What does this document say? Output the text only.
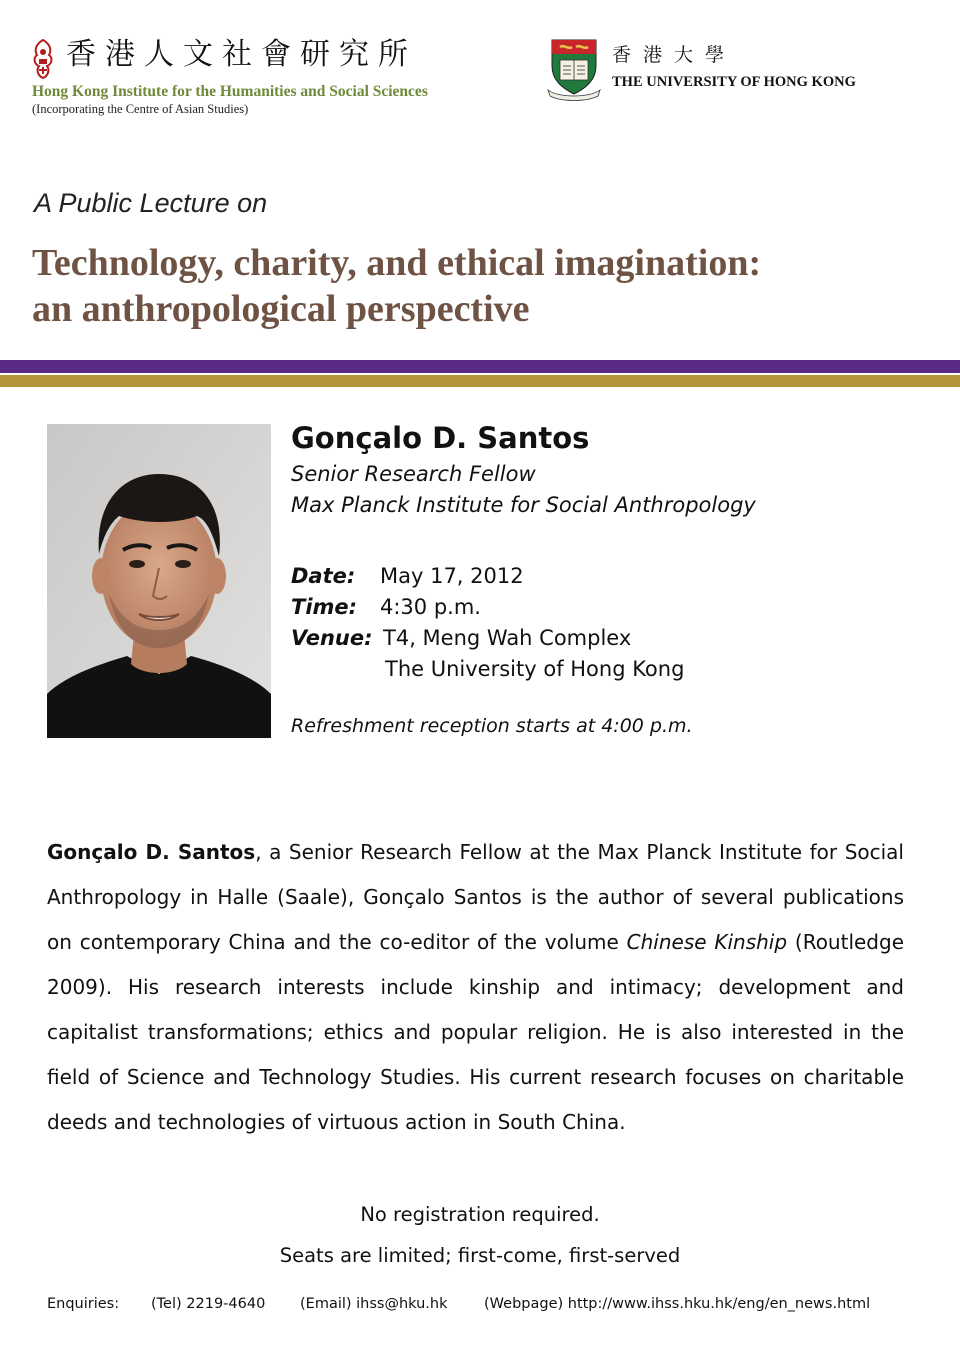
香港人文社會研究所
Hong Kong Institute for the Humanities and Social Sciences
(Incorporating the Centre of Asian Studies)
香港大學
THE UNIVERSITY OF HONG KONG
A Public Lecture on
Technology, charity, and ethical imagination:
an anthropological perspective
Gonçalo D. Santos
Senior Research Fellow
Max Planck Institute for Social Anthropology
Date: May 17, 2012
Time: 4:30 p.m.
Venue: T4, Meng Wah Complex
The University of Hong Kong
Refreshment reception starts at 4:00 p.m.
Gonçalo D. Santos, a Senior Research Fellow at the Max Planck Institute for Social Anthropology in Halle (Saale), Gonçalo Santos is the author of several publications on contemporary China and the co-editor of the volume Chinese Kinship (Routledge 2009). His research interests include kinship and intimacy; development and capitalist transformations; ethics and popular religion. He is also interested in the field of Science and Technology Studies. His current research focuses on charitable deeds and technologies of virtuous action in South China.
No registration required.
Seats are limited; first-come, first-served
Enquiries: (Tel) 2219-4640 (Email) ihss@hku.hk	(Webpage) http://www.ihss.hku.hk/eng/en_news.html
